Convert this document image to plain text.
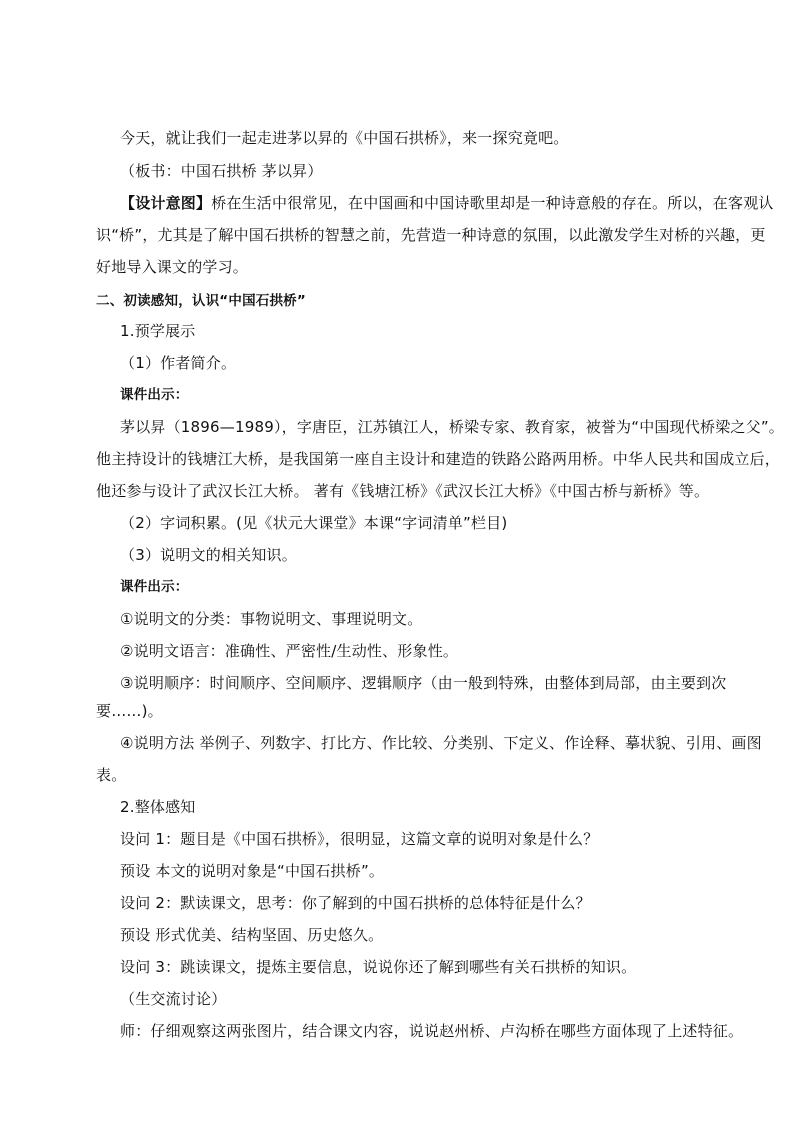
今天，就让我们一起走进茅以昇的《中国石拱桥》，来一探究竟吧。
（板书：中国石拱桥 茅以昇）
【设计意图】桥在生活中很常见，在中国画和中国诗歌里却是一种诗意般的存在。所以，在客观认
识“桥”，尤其是了解中国石拱桥的智慧之前，先营造一种诗意的氛围，以此激发学生对桥的兴趣，更
好地导入课文的学习。
二、初读感知，认识“中国石拱桥”
1.预学展示
（1）作者简介。
课件出示：
茅以昇（1896—1989），字唐臣，江苏镇江人，桥梁专家、教育家，被誉为“中国现代桥梁之父”。
他主持设计的钱塘江大桥，是我国第一座自主设计和建造的铁路公路两用桥。中华人民共和国成立后，
他还参与设计了武汉长江大桥。 著有《钱塘江桥》《武汉长江大桥》《中国古桥与新桥》等。
（2）字词积累。(见《状元大课堂》本课“字词清单”栏目)
（3）说明文的相关知识。
课件出示：
①说明文的分类：事物说明文、事理说明文。
②说明文语言：准确性、严密性/生动性、形象性。
③说明顺序：时间顺序、空间顺序、逻辑顺序（由一般到特殊，由整体到局部，由主要到次
要……)。
④说明方法 举例子、列数字、打比方、作比较、分类别、下定义、作诠释、摹状貌、引用、画图
表。
2.整体感知
设问 1：题目是《中国石拱桥》，很明显，这篇文章的说明对象是什么？
预设 本文的说明对象是“中国石拱桥”。
设问 2：默读课文，思考：你了解到的中国石拱桥的总体特征是什么？
预设 形式优美、结构坚固、历史悠久。
设问 3：跳读课文，提炼主要信息，说说你还了解到哪些有关石拱桥的知识。
（生交流讨论）
师：仔细观察这两张图片，结合课文内容，说说赵州桥、卢沟桥在哪些方面体现了上述特征。
